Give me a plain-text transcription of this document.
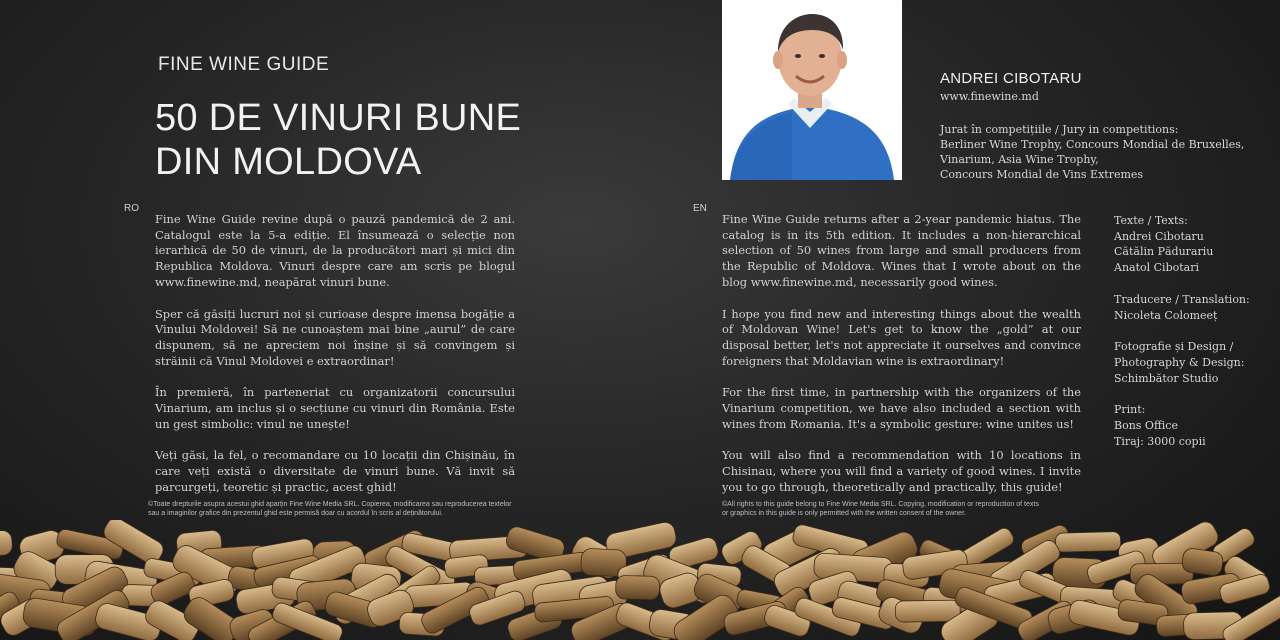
FINE WINE GUIDE
50 DE VINURI BUNE
DIN MOLDOVA
RO

Fine Wine Guide revine după o pauză pandemică de 2 ani. Catalogul este la 5-a ediție. El însumează o selecție non ierarhică de 50 de vinuri, de la producători mari și mici din Republica Moldova. Vinuri despre care am scris pe blogul www.finewine.md, neapărat vinuri bune.

Sper că găsiți lucruri noi și curioase despre imensa bogăție a Vinului Moldovei! Să ne cunoaștem mai bine „aurul” de care dispunem, să ne apreciem noi înșine și să convingem și străinii că Vinul Moldovei e extraordinar!

În premieră, în parteneriat cu organizatorii concursului Vinarium, am inclus și o secțiune cu vinuri din România. Este un gest simbolic: vinul ne unește!

Veți găsi, la fel, o recomandare cu 10 locații din Chișinău, în care veți există o diversitate de vinuri bune. Vă invit să parcurgeți, teoretic și practic, acest ghid!

©Toate drepturile asupra acestui ghid aparțin Fine Wine Media SRL. Copierea, modificarea sau reproducerea textelor sau a imaginilor grafice din prezentul ghid este permisă doar cu acordul în scris al deținătorului.
ANDREI CIBOTARU
www.finewine.md
Jurat în competițiile / Jury in competitions:
Berliner Wine Trophy, Concours Mondial de Bruxelles,
Vinarium, Asia Wine Trophy,
Concours Mondial de Vins Extremes
EN

Fine Wine Guide returns after a 2-year pandemic hiatus. The catalog is in its 5th edition. It includes a non-hierarchical selection of 50 wines from large and small producers from the Republic of Moldova. Wines that I wrote about on the blog www.finewine.md, necessarily good wines.

I hope you find new and interesting things about the wealth of Moldovan Wine! Let's get to know the „gold” at our disposal better, let's not appreciate it ourselves and convince foreigners that Moldavian wine is extraordinary!

For the first time, in partnership with the organizers of the Vinarium competition, we have also included a section with wines from Romania. It's a symbolic gesture: wine unites us!

You will also find a recommendation with 10 locations in Chisinau, where you will find a variety of good wines. I invite you to go through, theoretically and practically, this guide!

©All rights to this guide belong to Fine Wine Media SRL. Copying, modification or reproduction of texts or graphics in this guide is only permitted with the written consent of the owner.
Texte / Texts:
Andrei Cibotaru
Cătălin Pădurariu
Anatol Cibotari
Traducere / Translation:
Nicoleta Colomeeț
Fotografie și Design /
Photography & Design:
Schimbător Studio
Print:
Bons Office
Tiraj: 3000 copii
